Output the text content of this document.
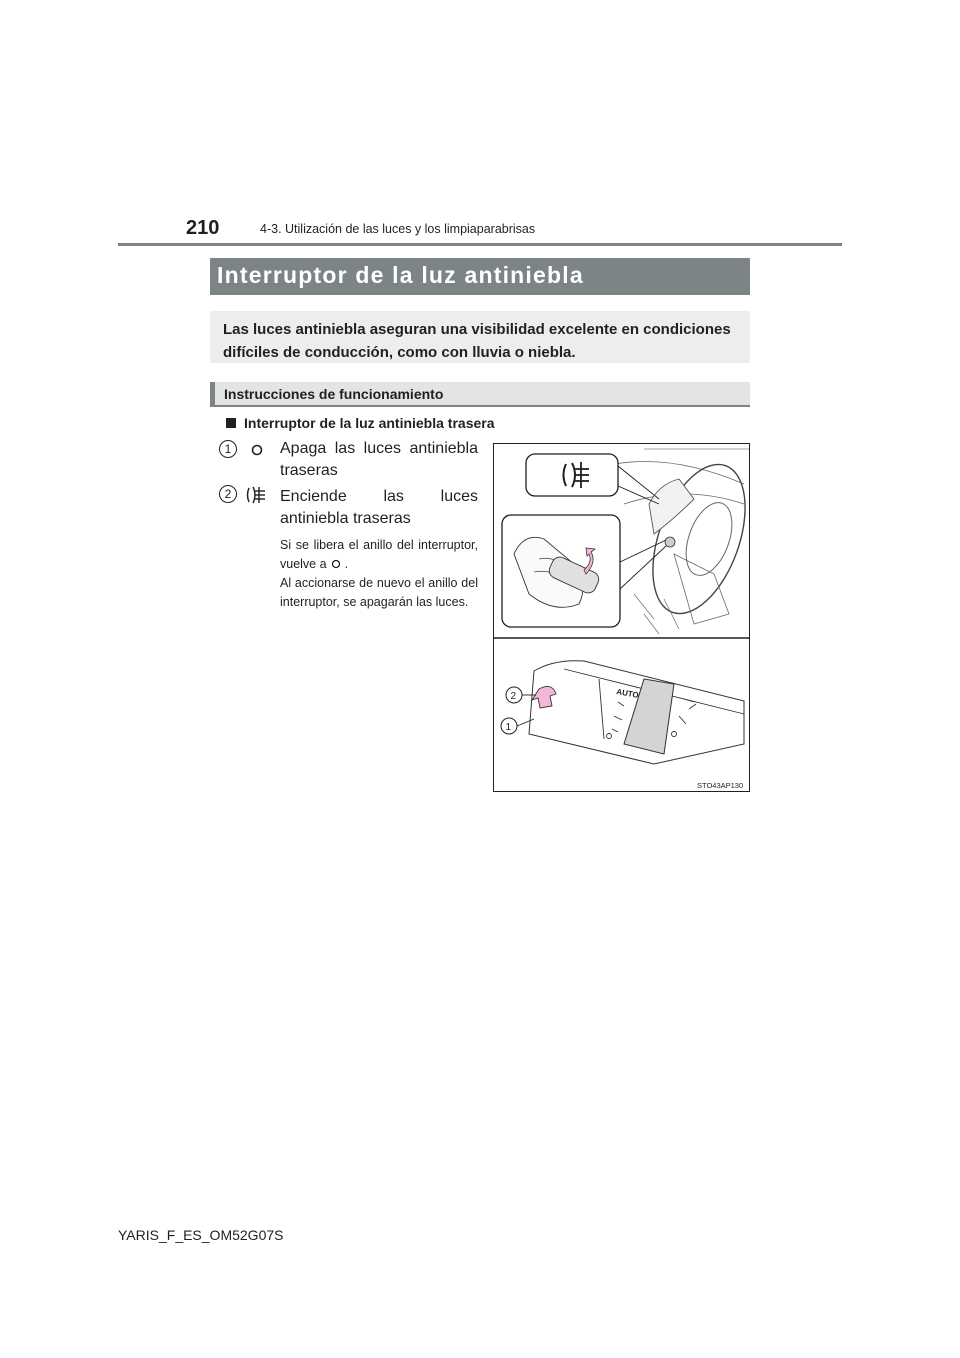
210	4-3. Utilización de las luces y los limpiaparabrisas
Interruptor de la luz antiniebla
Las luces antiniebla aseguran una visibilidad excelente en condiciones difíciles de conducción, como con lluvia o niebla.
Instrucciones de funcionamiento
Interruptor de la luz antiniebla trasera
1	Apaga las luces antiniebla traseras
2	Enciende las luces antiniebla traseras
Si se libera el anillo del interruptor, vuelve a .
Al accionarse de nuevo el anillo del interruptor, se apagarán las luces.
AUTO
2
1
STO43AP130
YARIS_F_ES_OM52G07S
